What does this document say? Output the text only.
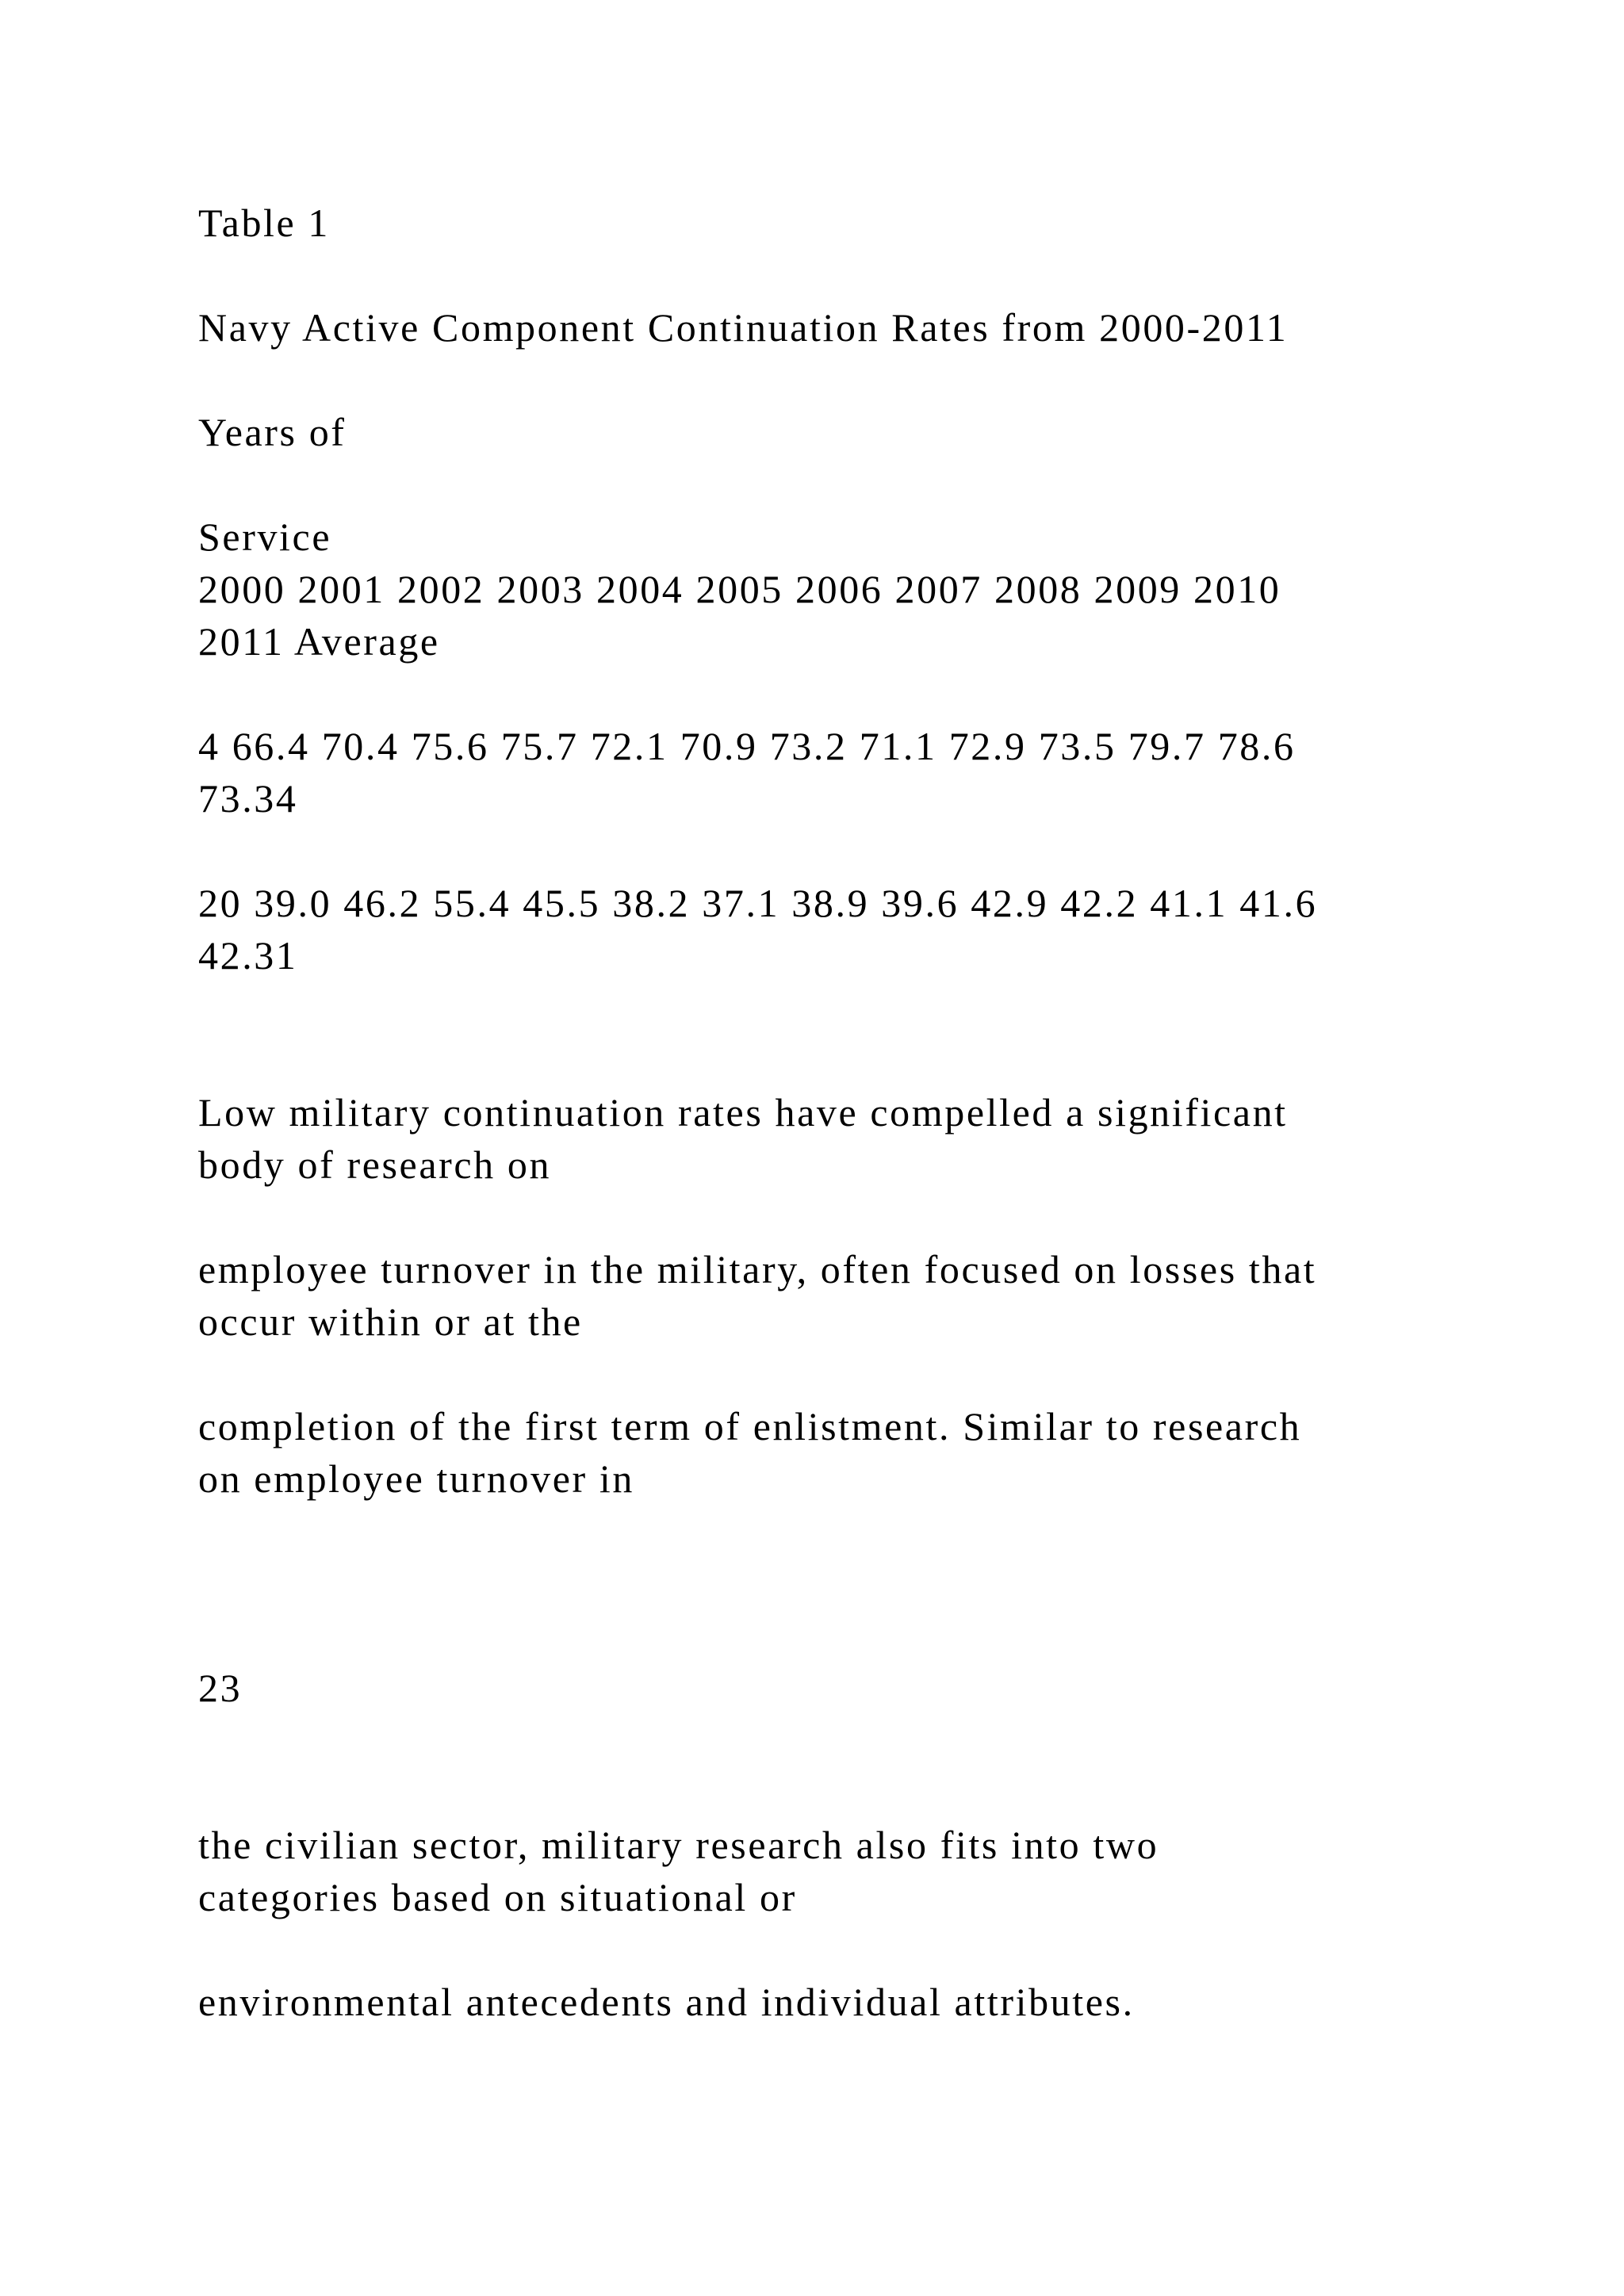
Table 1

Navy Active Component Continuation Rates from 2000-2011

Years of

Service
2000 2001 2002 2003 2004 2005 2006 2007 2008 2009 2010
2011 Average

4 66.4 70.4 75.6 75.7 72.1 70.9 73.2 71.1 72.9 73.5 79.7 78.6
73.34

20 39.0 46.2 55.4 45.5 38.2 37.1 38.9 39.6 42.9 42.2 41.1 41.6
42.31

Low military continuation rates have compelled a significant
body of research on

employee turnover in the military, often focused on losses that
occur within or at the

completion of the first term of enlistment. Similar to research
on employee turnover in

23

the civilian sector, military research also fits into two
categories based on situational or

environmental antecedents and individual attributes.
